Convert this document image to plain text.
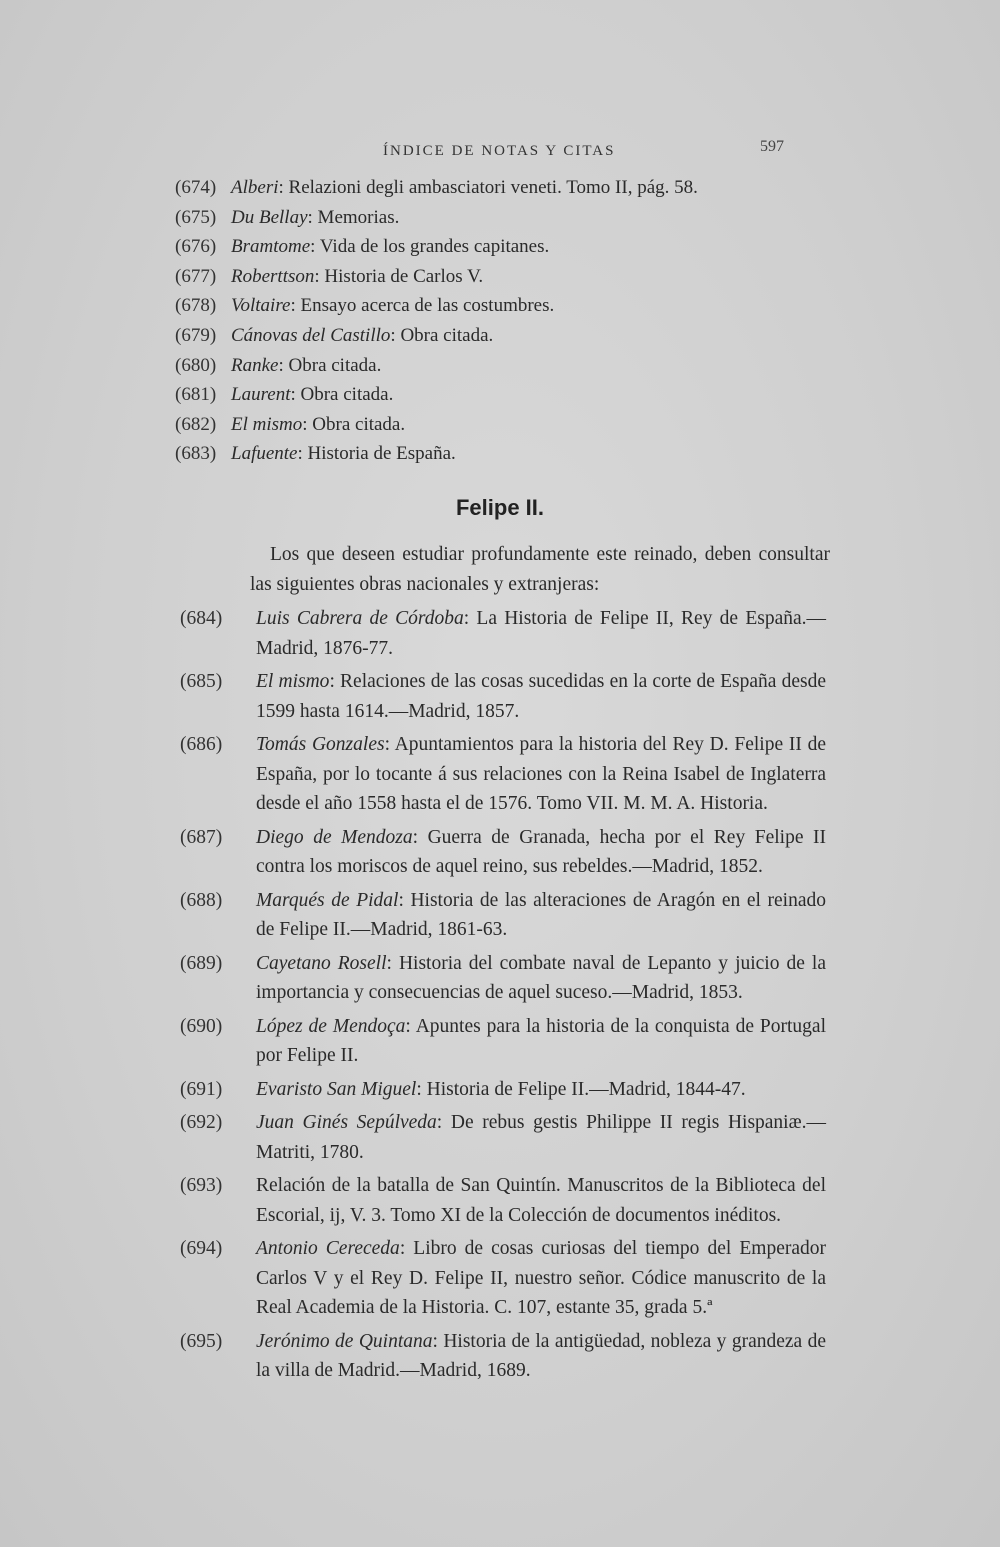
ÍNDICE DE NOTAS Y CITAS	597
(674) Alberi: Relazioni degli ambasciatori veneti. Tomo II, pág. 58.
(675) Du Bellay: Memorias.
(676) Bramtome: Vida de los grandes capitanes.
(677) Roberttson: Historia de Carlos V.
(678) Voltaire: Ensayo acerca de las costumbres.
(679) Cánovas del Castillo: Obra citada.
(680) Ranke: Obra citada.
(681) Laurent: Obra citada.
(682) El mismo: Obra citada.
(683) Lafuente: Historia de España.
Felipe II.
Los que deseen estudiar profundamente este reinado, deben consultar las siguientes obras nacionales y extranjeras:
(684) Luis Cabrera de Córdoba: La Historia de Felipe II, Rey de España.—Madrid, 1876-77.
(685) El mismo: Relaciones de las cosas sucedidas en la corte de España desde 1599 hasta 1614.—Madrid, 1857.
(686) Tomás Gonzales: Apuntamientos para la historia del Rey D. Felipe II de España, por lo tocante á sus relaciones con la Reina Isabel de Inglaterra desde el año 1558 hasta el de 1576. Tomo VII. M. M. A. Historia.
(687) Diego de Mendoza: Guerra de Granada, hecha por el Rey Felipe II contra los moriscos de aquel reino, sus rebeldes.—Madrid, 1852.
(688) Marqués de Pidal: Historia de las alteraciones de Aragón en el reinado de Felipe II.—Madrid, 1861-63.
(689) Cayetano Rosell: Historia del combate naval de Lepanto y juicio de la importancia y consecuencias de aquel suceso.—Madrid, 1853.
(690) López de Mendoça: Apuntes para la historia de la conquista de Portugal por Felipe II.
(691) Evaristo San Miguel: Historia de Felipe II.—Madrid, 1844-47.
(692) Juan Ginés Sepúlveda: De rebus gestis Philippe II regis Hispaniæ.—Matriti, 1780.
(693) Relación de la batalla de San Quintín. Manuscritos de la Biblioteca del Escorial, ij, V. 3. Tomo XI de la Colección de documentos inéditos.
(694) Antonio Cereceda: Libro de cosas curiosas del tiempo del Emperador Carlos V y el Rey D. Felipe II, nuestro señor. Códice manuscrito de la Real Academia de la Historia. C. 107, estante 35, grada 5.ª
(695) Jerónimo de Quintana: Historia de la antigüedad, nobleza y grandeza de la villa de Madrid.—Madrid, 1689.
